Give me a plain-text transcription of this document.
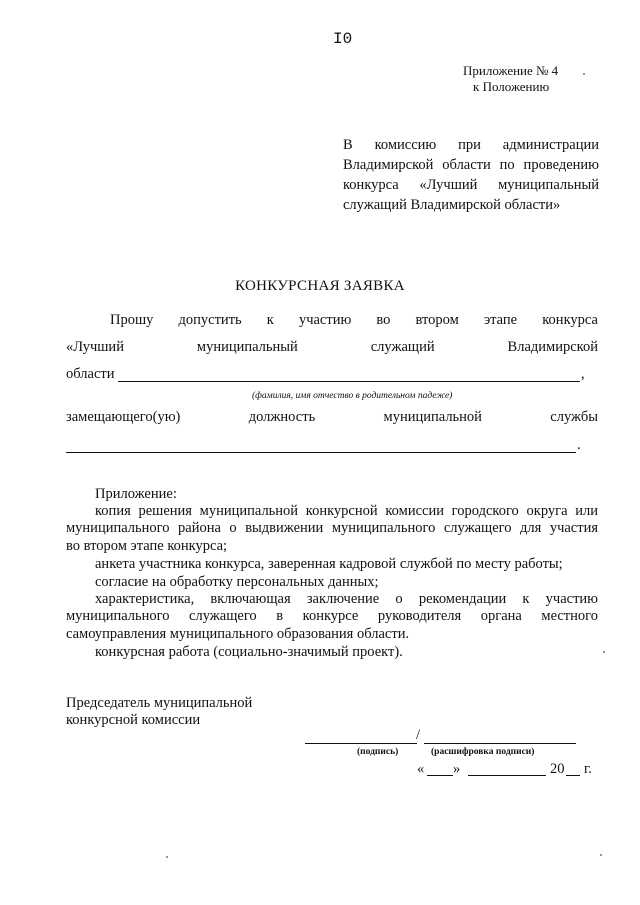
I0
Приложение № 4
к Положению
В комиссию при администрации
Владимирской области по проведению
конкурса «Лучший муниципальный
служащий Владимирской области»
КОНКУРСНАЯ ЗАЯВКА
Прошу допустить к участию во втором этапе конкурса
«Лучший	муниципальный	служащий	Владимирской
области	,
(фамилия, имя отчество в родительном падеже)
замещающего(ую)	должность	муниципальной	службы
.
Приложение:
копия решения муниципальной конкурсной комиссии городского округа или
муниципального района о выдвижении муниципального служащего для участия
во втором этапе конкурса;
анкета участника конкурса, заверенная кадровой службой по месту работы;
согласие на обработку персональных данных;
характеристика, включающая заключение о рекомендации к участию
муниципального служащего в конкурсе руководителя органа местного
самоуправления муниципального образования области.
конкурсная работа (социально-значимый проект).
Председатель муниципальной
конкурсной комиссии
/
(подпись)	(расшифровка подписи)
« »	20 г.
